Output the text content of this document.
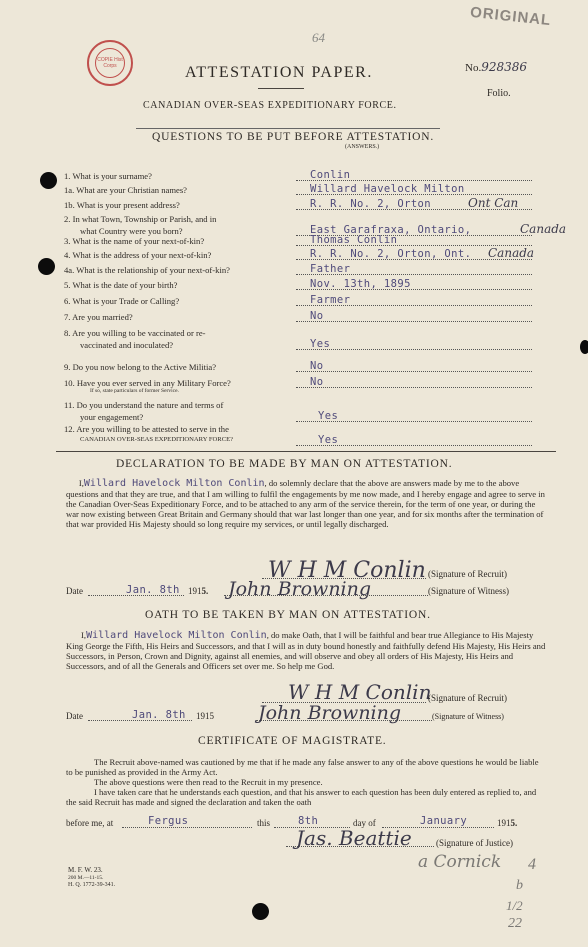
ORIGINAL
COPIE Hist Corps
64
ATTESTATION PAPER.	No.928386
Folio.
CANADIAN OVER-SEAS EXPEDITIONARY FORCE.
QUESTIONS TO BE PUT BEFORE ATTESTATION.
(ANSWERS.)
1. What is your surname?	Conlin
1a. What are your Christian names?	Willard Havelock Milton
1b. What is your present address?	R. R. No. 2, Orton	Ont Can
2. In what Town, Township or Parish, and in
what Country were you born?	East Garafraxa, Ontario,	Canada
3. What is the name of your next-of-kin?	Thomas Conlin
4. What is the address of your next-of-kin?	R. R. No. 2, Orton, Ont. Canada
4a. What is the relationship of your next-of-kin?	Father
5. What is the date of your birth?	Nov. 13th, 1895
6. What is your Trade or Calling?	Farmer
7. Are you married?	No
8. Are you willing to be vaccinated or re-
vaccinated and inoculated?	Yes
9. Do you now belong to the Active Militia?	No
10. Have you ever served in any Military Force?
If so, state particulars of former Service.
No
11. Do you understand the nature and terms of
your engagement?	Yes
12. Are you willing to be attested to serve in the
CANADIAN OVER-SEAS EXPEDITIONARY FORCE?	Yes
DECLARATION TO BE MADE BY MAN ON ATTESTATION.
I,Willard Havelock Milton Conlin, do solemnly declare that the above are answers made by me to the above questions and that they are true, and that I am willing to fulfil the engagements by me now made, and I hereby engage and agree to serve in the Canadian Over-Seas Expeditionary Force, and to be attached to any arm of the service therein, for the term of one year, or during the war now existing between Great Britain and Germany should that war last longer than one year, and for six months after the termination of that war provided His Majesty should so long require my services, or until legally discharged.
W H M Conlin (Signature of Recruit)
Date	Jan. 8th 1915. John Browning	(Signature of Witness)
OATH TO BE TAKEN BY MAN ON ATTESTATION.
I,Willard Havelock Milton Conlin, do make Oath, that I will be faithful and bear true Allegiance to His Majesty King George the Fifth, His Heirs and Successors, and that I will as in duty bound honestly and faithfully defend His Majesty, His Heirs and Successors, in Person, Crown and Dignity, against all enemies, and will observe and obey all orders of His Majesty, His Heirs and Successors, and of all the Generals and Officers set over me. So help me God.
W H M Conlin
(Signature of Recruit)
Date	Jan. 8th 1915 John Browning	(Signature of Witness)
CERTIFICATE OF MAGISTRATE.
The Recruit above-named was cautioned by me that if he made any false answer to any of the above questions he would be liable to be punished as provided in the Army Act.
The above questions were then read to the Recruit in my presence.
I have taken care that he understands each question, and that his answer to each question has been duly entered as replied to, and the said Recruit has made and signed the declaration and taken the oath
before me, at	Fergus	this	8th	day of	January	1915.
Jas. Beattie	(Signature of Justice)
M. F. W. 23.
200 M.—11-15.
H. Q. 1772-39-341.
a Cornick 4
b
1/2
22
